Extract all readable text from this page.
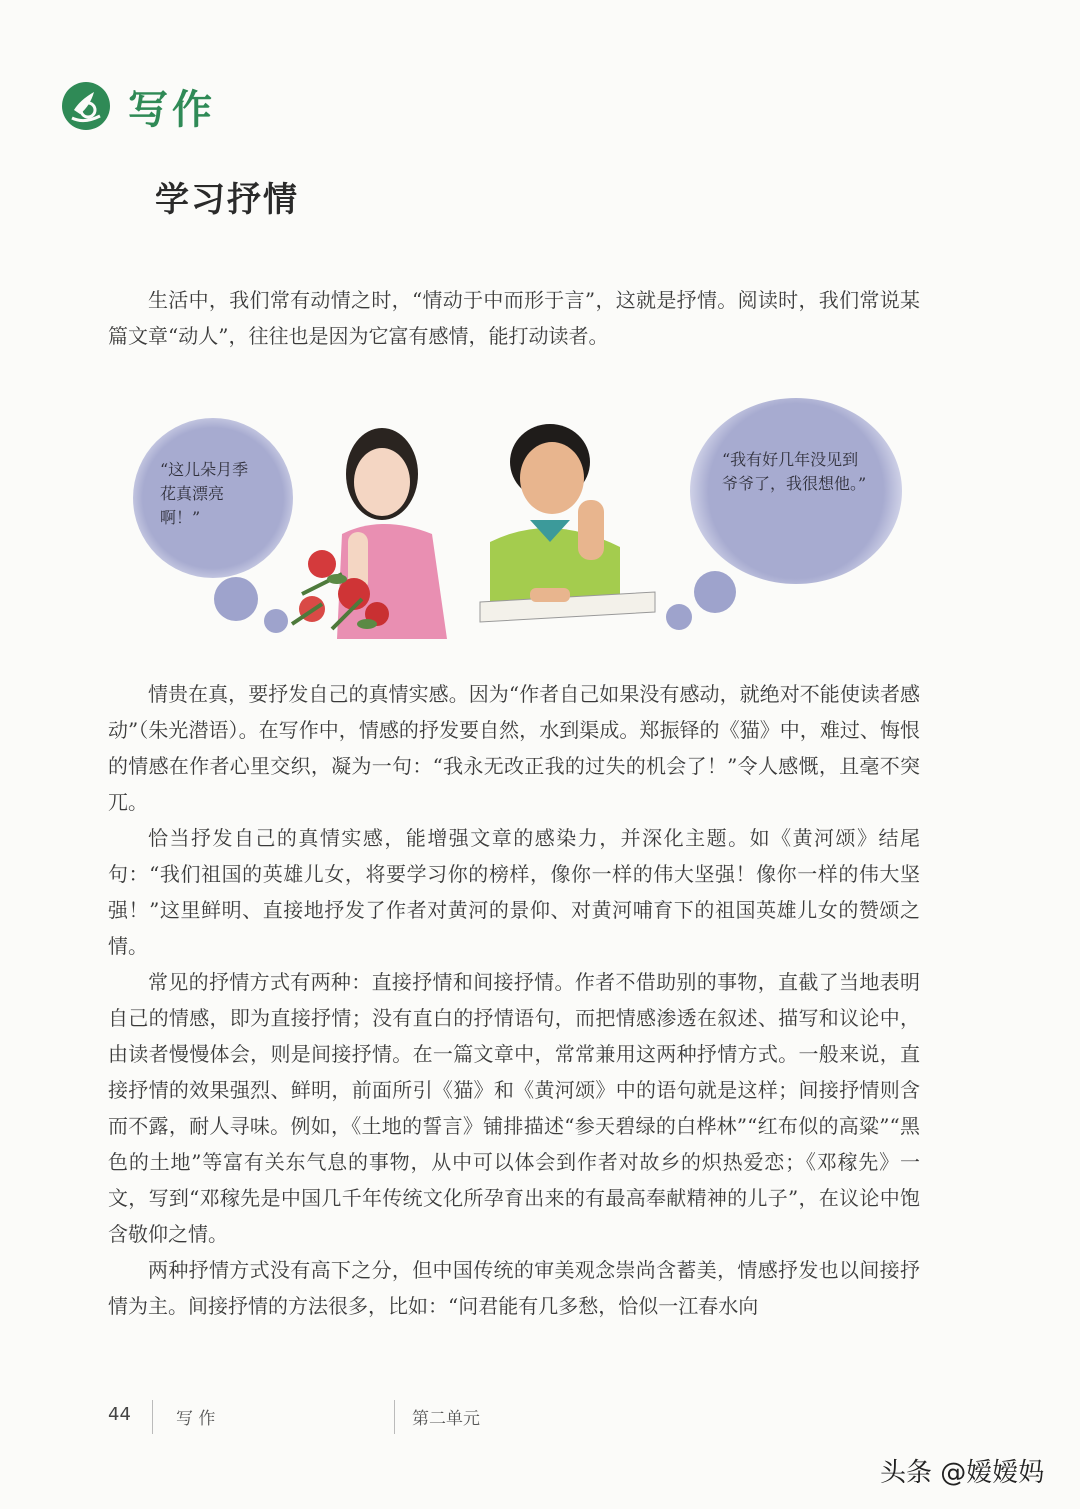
写作
学习抒情

生活中，我们常有动情之时，“情动于中而形于言”，这就是抒情。阅读时，我们常说某篇文章“动人”，往往也是因为它富有感情，能打动读者。

“这儿朵月季花真漂亮啊！”
“我有好几年没见到爷爷了，我很想他。”

情贵在真，要抒发自己的真情实感。因为“作者自己如果没有感动，就绝对不能使读者感动”（朱光潜语）。在写作中，情感的抒发要自然，水到渠成。郑振铎的《猫》中，难过、悔恨的情感在作者心里交织，凝为一句：“我永无改正我的过失的机会了！”令人感慨，且毫不突兀。

恰当抒发自己的真情实感，能增强文章的感染力，并深化主题。如《黄河颂》结尾句：“我们祖国的英雄儿女，将要学习你的榜样，像你一样的伟大坚强！像你一样的伟大坚强！”这里鲜明、直接地抒发了作者对黄河的景仰、对黄河哺育下的祖国英雄儿女的赞颂之情。

常见的抒情方式有两种：直接抒情和间接抒情。作者不借助别的事物，直截了当地表明自己的情感，即为直接抒情；没有直白的抒情语句，而把情感渗透在叙述、描写和议论中，由读者慢慢体会，则是间接抒情。在一篇文章中，常常兼用这两种抒情方式。一般来说，直接抒情的效果强烈、鲜明，前面所引《猫》和《黄河颂》中的语句就是这样；间接抒情则含而不露，耐人寻味。例如，《土地的誓言》铺排描述“参天碧绿的白桦林”“红布似的高粱”“黑色的土地”等富有关东气息的事物，从中可以体会到作者对故乡的炽热爱恋；《邓稼先》一文，写到“邓稼先是中国几千年传统文化所孕育出来的有最高奉献精神的儿子”，在议论中饱含敬仰之情。

两种抒情方式没有高下之分，但中国传统的审美观念崇尚含蓄美，情感抒发也以间接抒情为主。间接抒情的方法很多，比如：“问君能有几多愁，恰似一江春水向

44	写 作	第二单元
头条 @嫒嫒妈
